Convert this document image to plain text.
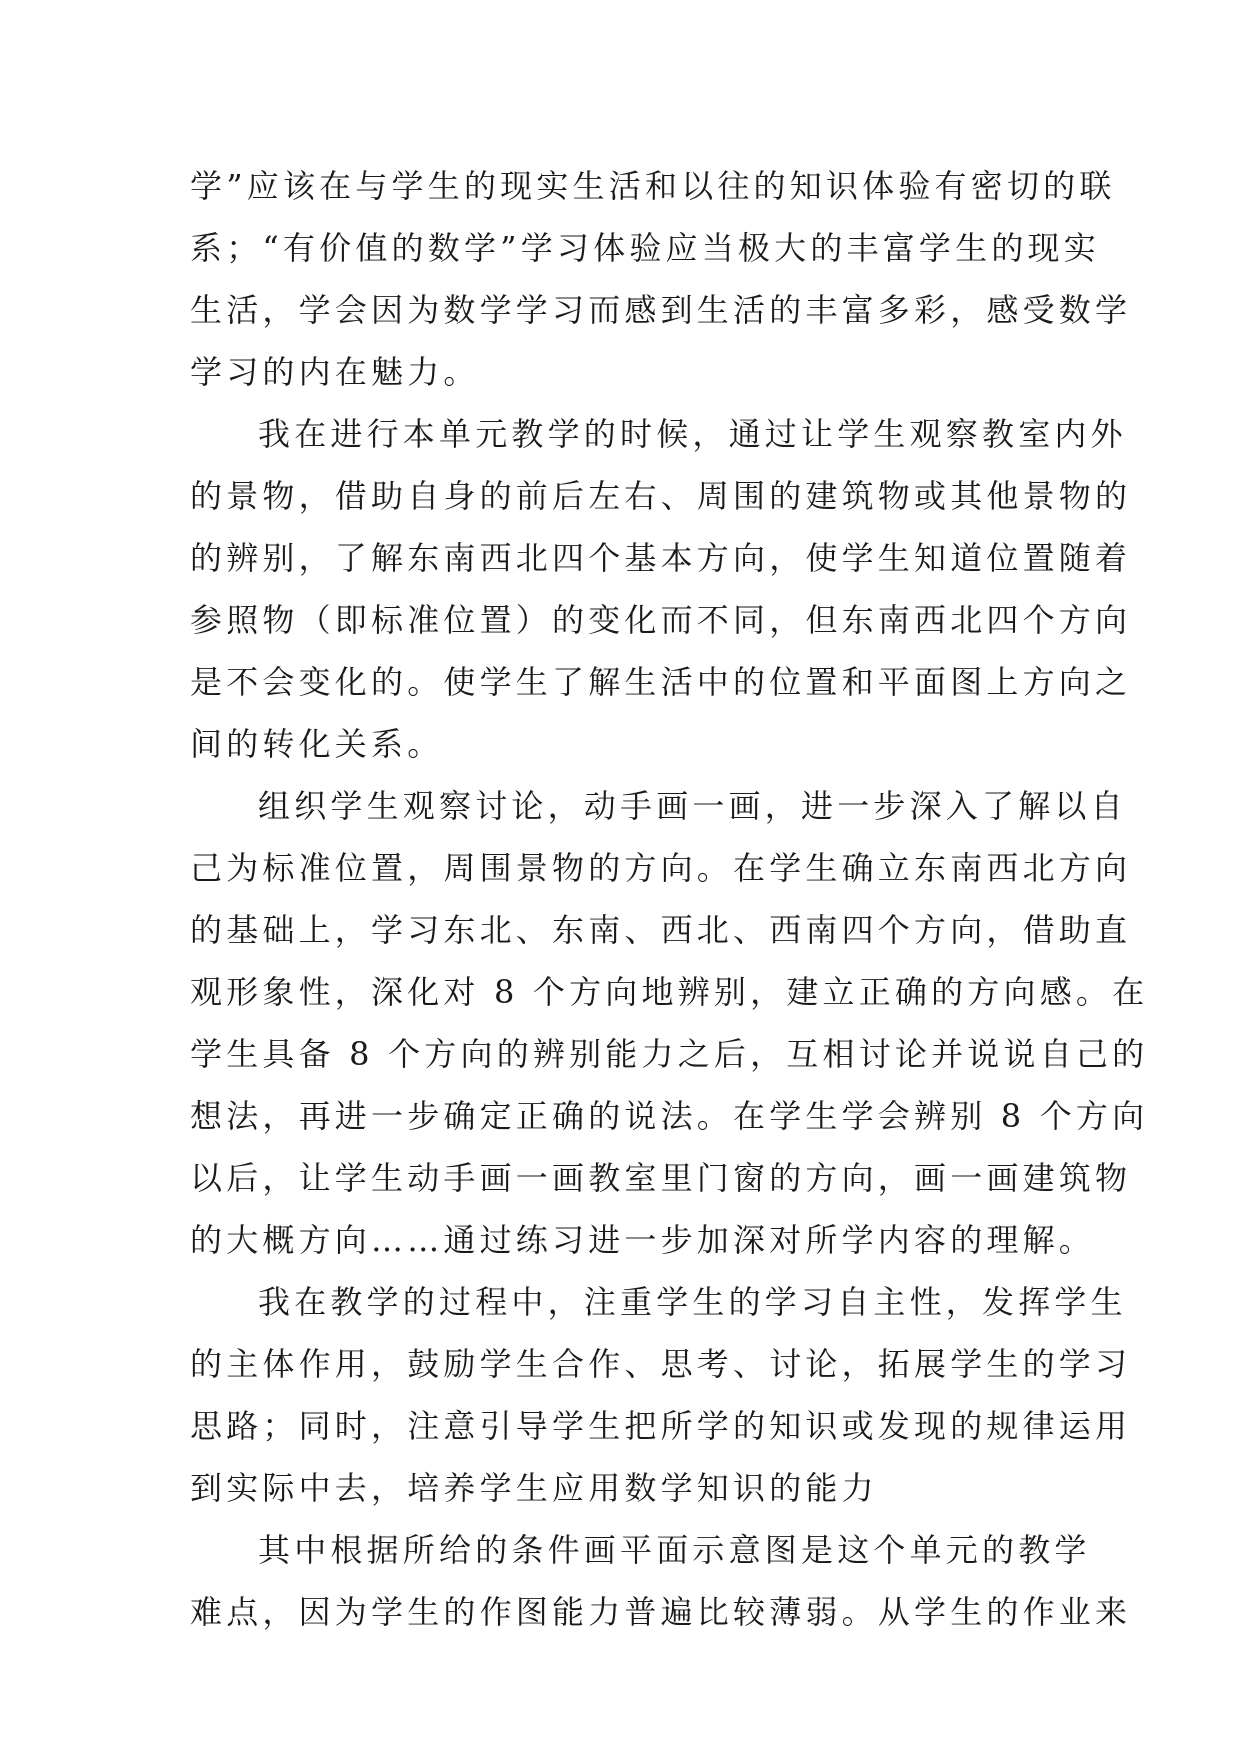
学”应该在与学生的现实生活和以往的知识体验有密切的联
系；“有价值的数学”学习体验应当极大的丰富学生的现实
生活，学会因为数学学习而感到生活的丰富多彩，感受数学
学习的内在魅力。
我在进行本单元教学的时候，通过让学生观察教室内外
的景物，借助自身的前后左右、周围的建筑物或其他景物的
的辨别，了解东南西北四个基本方向，使学生知道位置随着
参照物（即标准位置）的变化而不同，但东南西北四个方向
是不会变化的。使学生了解生活中的位置和平面图上方向之
间的转化关系。
组织学生观察讨论，动手画一画，进一步深入了解以自
己为标准位置，周围景物的方向。在学生确立东南西北方向
的基础上，学习东北、东南、西北、西南四个方向，借助直
观形象性，深化对 8 个方向地辨别，建立正确的方向感。在
学生具备 8 个方向的辨别能力之后，互相讨论并说说自己的
想法，再进一步确定正确的说法。在学生学会辨别 8 个方向
以后，让学生动手画一画教室里门窗的方向，画一画建筑物
的大概方向……通过练习进一步加深对所学内容的理解。
我在教学的过程中，注重学生的学习自主性，发挥学生
的主体作用，鼓励学生合作、思考、讨论，拓展学生的学习
思路；同时，注意引导学生把所学的知识或发现的规律运用
到实际中去，培养学生应用数学知识的能力
其中根据所给的条件画平面示意图是这个单元的教学
难点，因为学生的作图能力普遍比较薄弱。从学生的作业来
